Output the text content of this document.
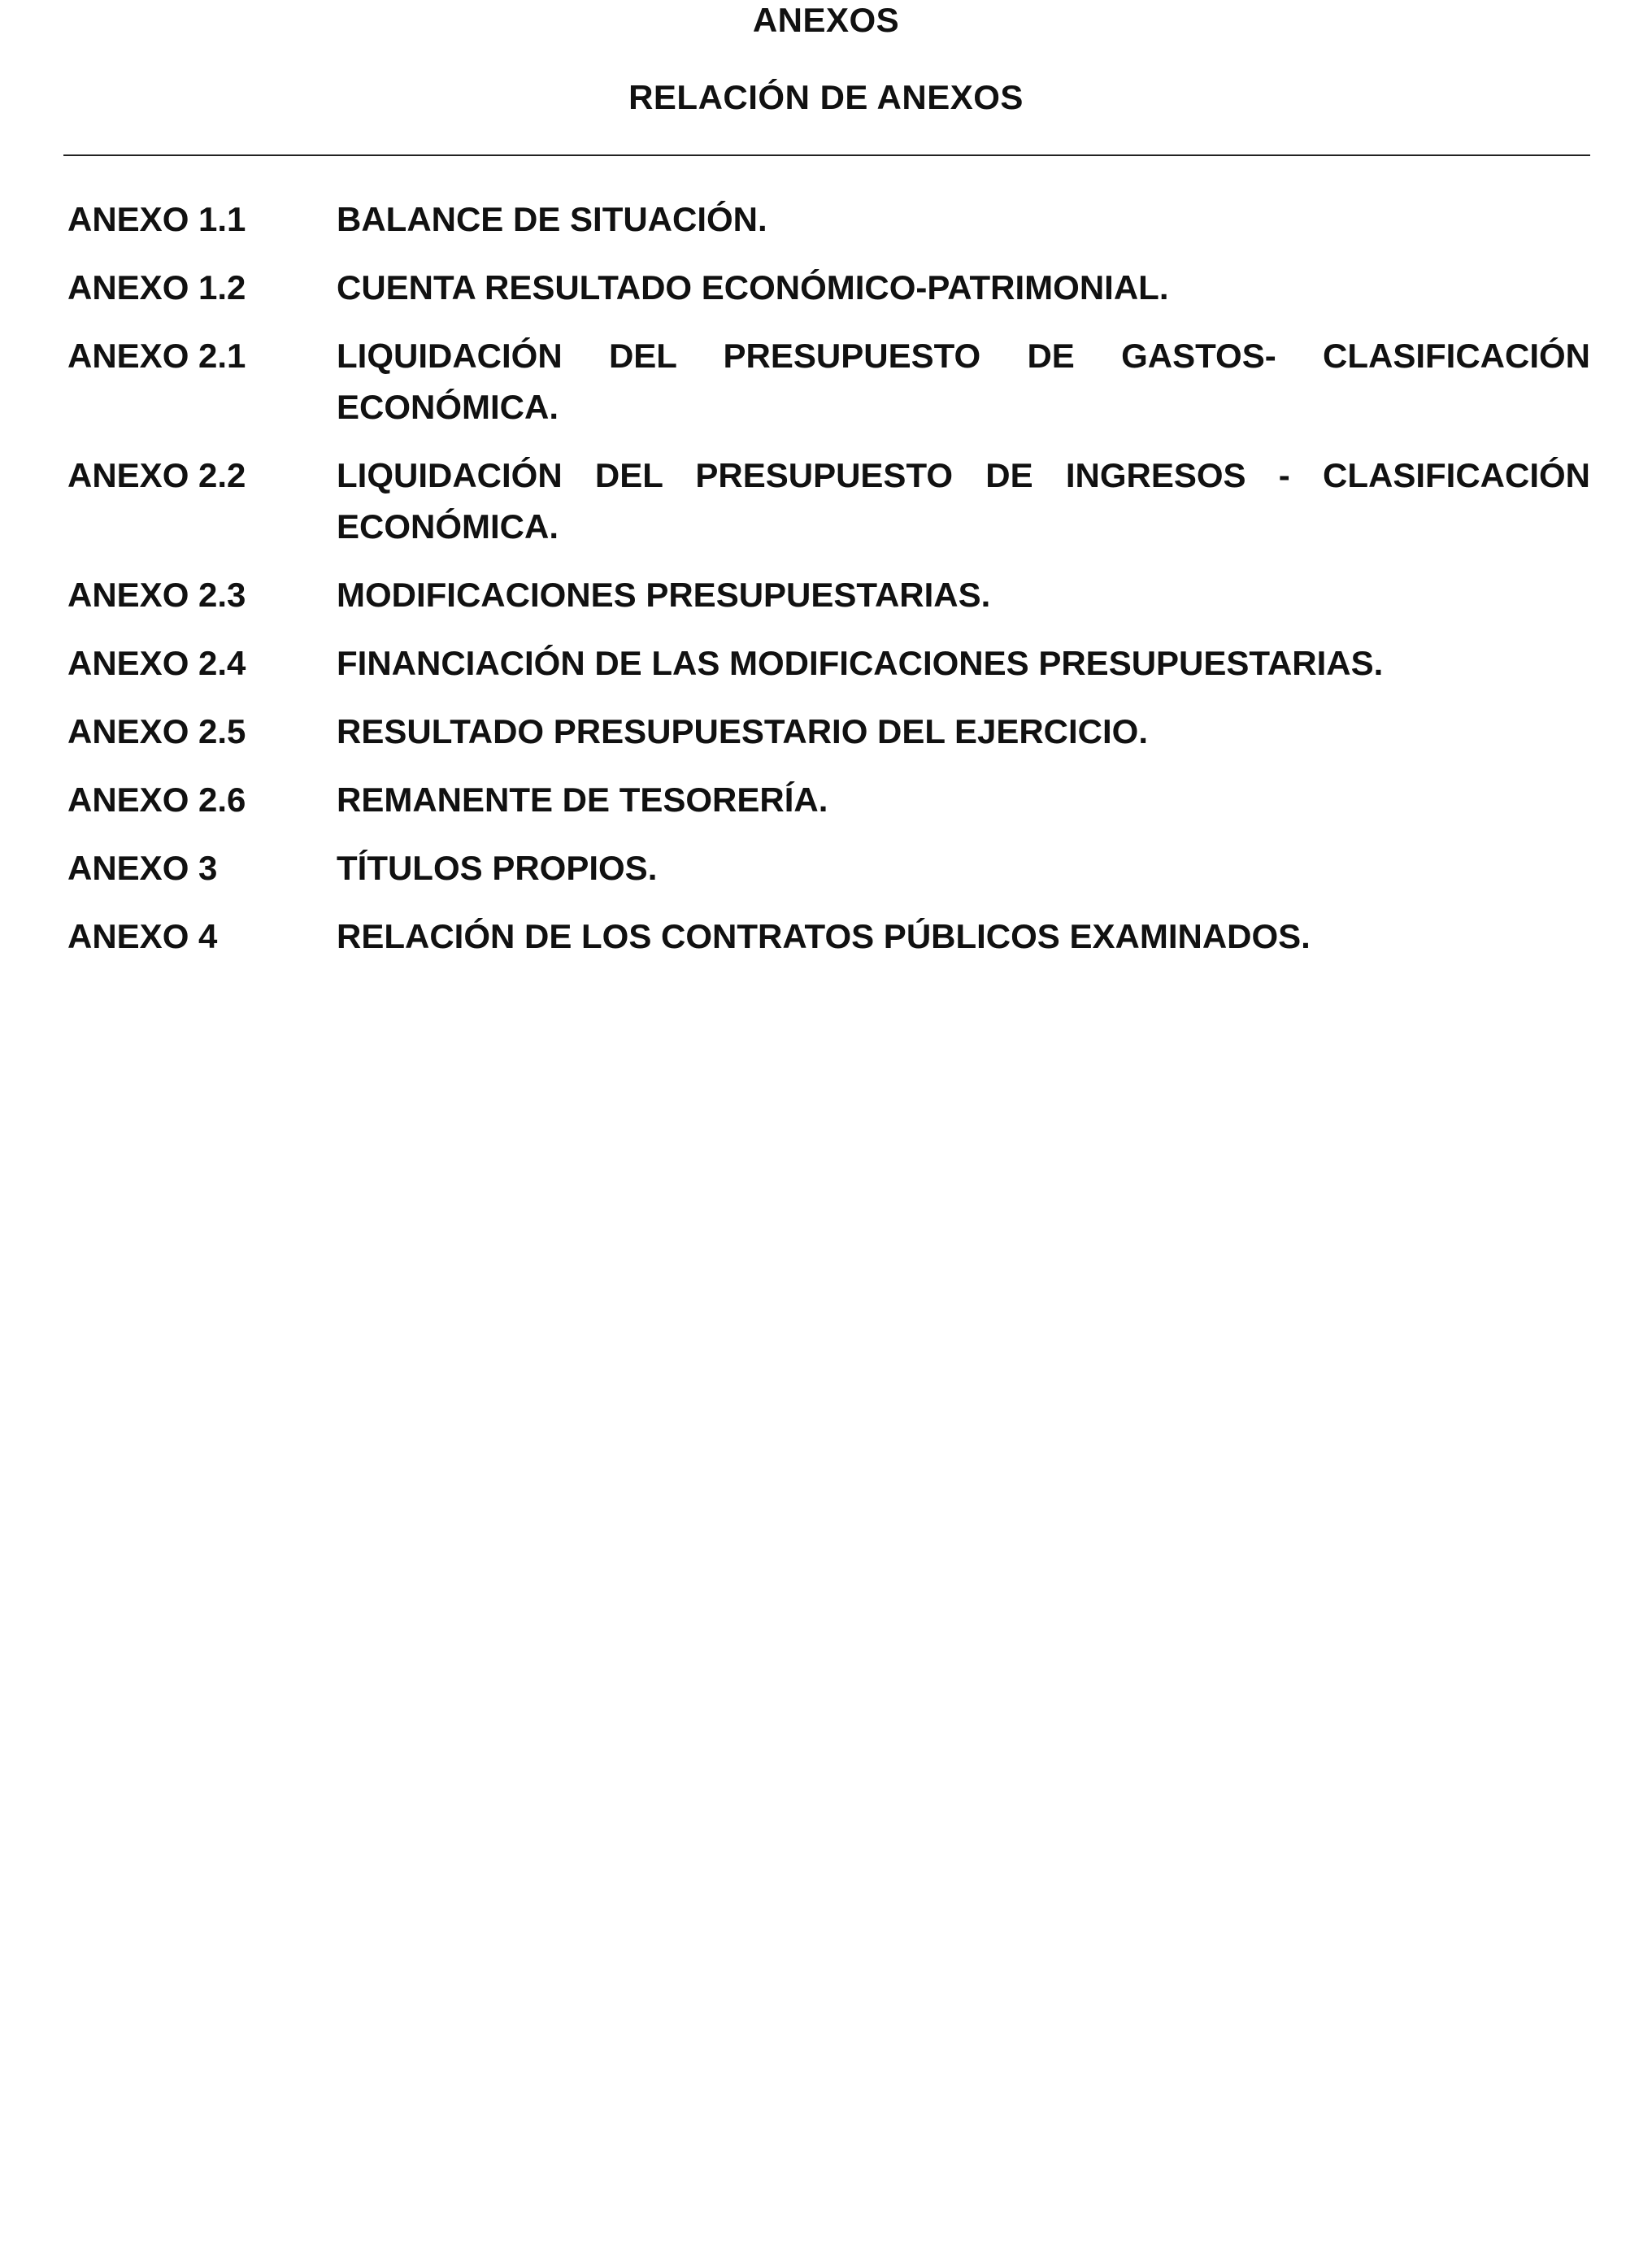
ANEXOS
RELACIÓN DE ANEXOS
ANEXO 1.1	BALANCE DE SITUACIÓN.
ANEXO 1.2	CUENTA RESULTADO ECONÓMICO-PATRIMONIAL.
ANEXO 2.1	LIQUIDACIÓN DEL PRESUPUESTO DE GASTOS- CLASIFICACIÓN ECONÓMICA.
ANEXO 2.2	LIQUIDACIÓN DEL PRESUPUESTO DE INGRESOS - CLASIFICACIÓN ECONÓMICA.
ANEXO 2.3	MODIFICACIONES PRESUPUESTARIAS.
ANEXO 2.4	FINANCIACIÓN DE LAS MODIFICACIONES PRESUPUESTARIAS.
ANEXO 2.5	RESULTADO PRESUPUESTARIO DEL EJERCICIO.
ANEXO 2.6	REMANENTE DE TESORERÍA.
ANEXO 3	TÍTULOS PROPIOS.
ANEXO 4	RELACIÓN DE LOS CONTRATOS PÚBLICOS EXAMINADOS.
